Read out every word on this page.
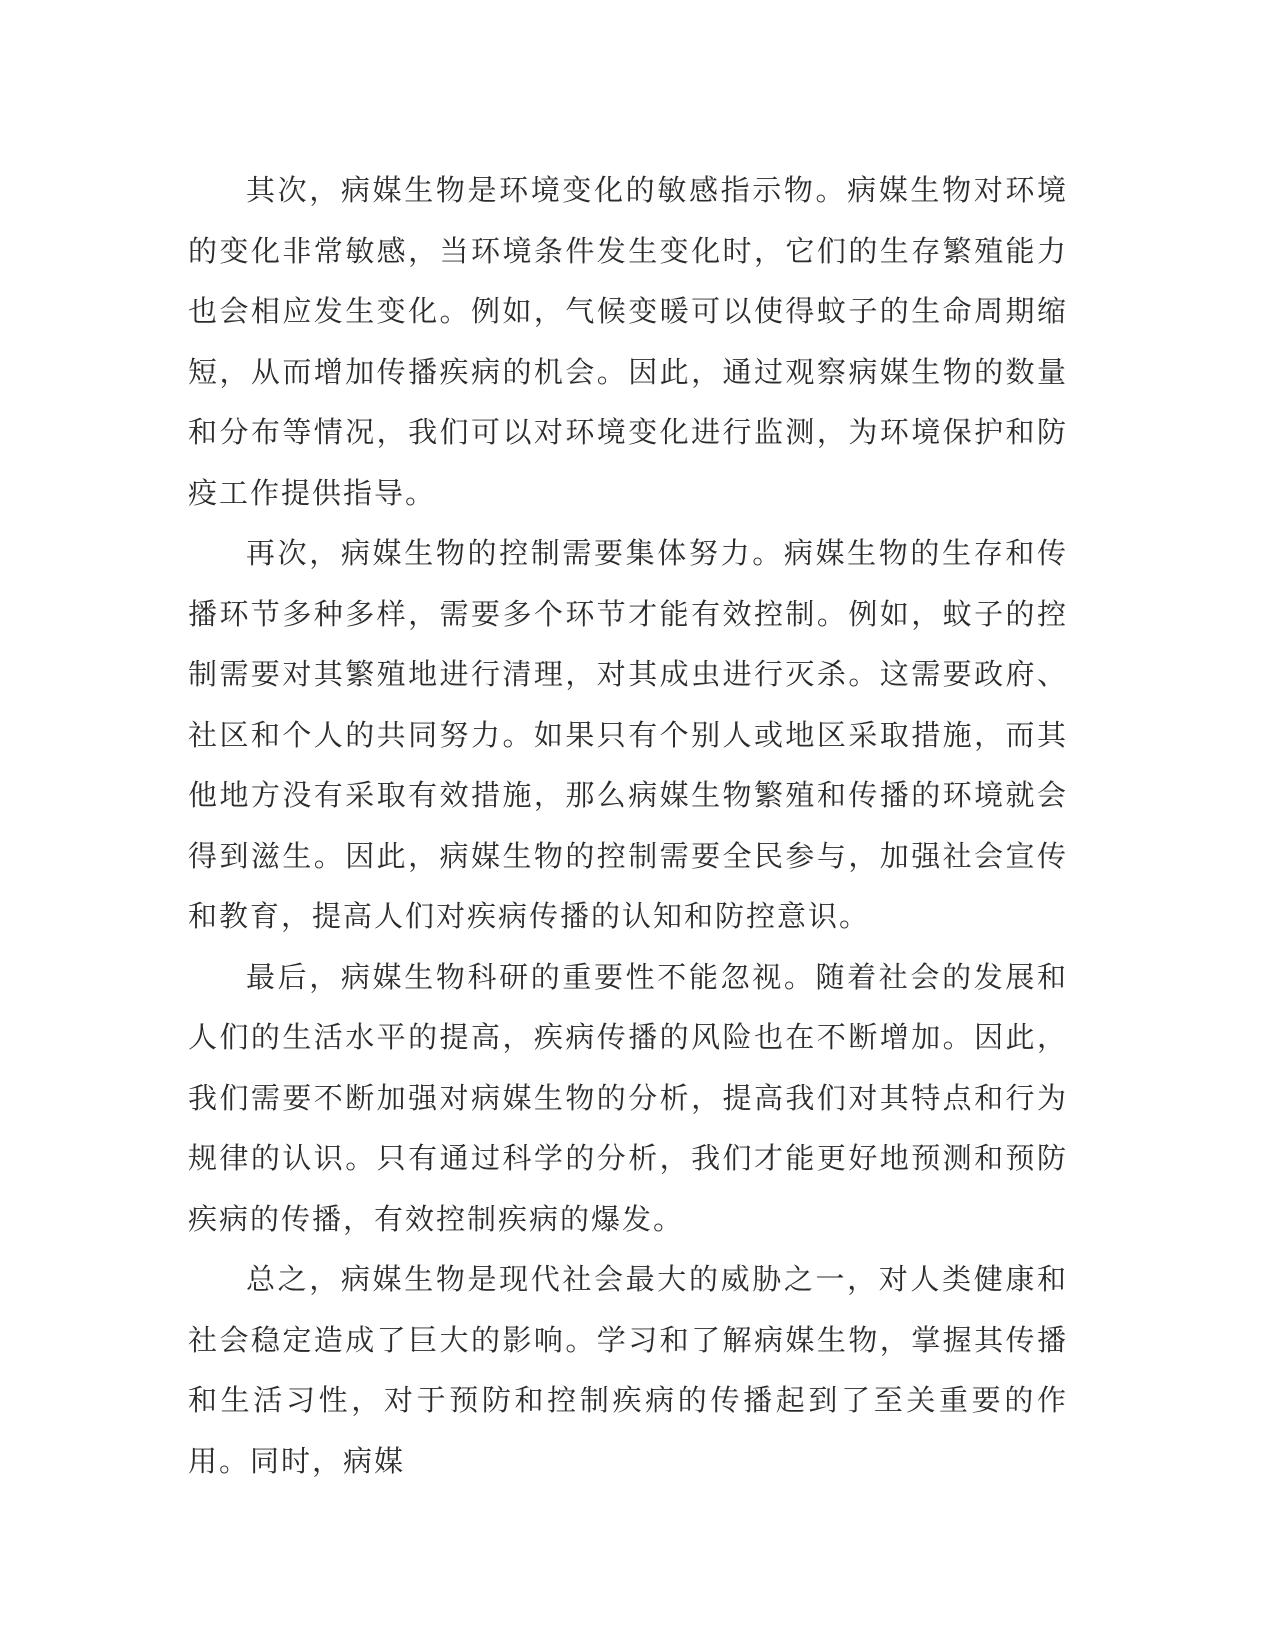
其次，病媒生物是环境变化的敏感指示物。病媒生物对环境的变化非常敏感，当环境条件发生变化时，它们的生存繁殖能力也会相应发生变化。例如，气候变暖可以使得蚊子的生命周期缩短，从而增加传播疾病的机会。因此，通过观察病媒生物的数量和分布等情况，我们可以对环境变化进行监测，为环境保护和防疫工作提供指导。

再次，病媒生物的控制需要集体努力。病媒生物的生存和传播环节多种多样，需要多个环节才能有效控制。例如，蚊子的控制需要对其繁殖地进行清理，对其成虫进行灭杀。这需要政府、社区和个人的共同努力。如果只有个别人或地区采取措施，而其他地方没有采取有效措施，那么病媒生物繁殖和传播的环境就会得到滋生。因此，病媒生物的控制需要全民参与，加强社会宣传和教育，提高人们对疾病传播的认知和防控意识。

最后，病媒生物科研的重要性不能忽视。随着社会的发展和人们的生活水平的提高，疾病传播的风险也在不断增加。因此，我们需要不断加强对病媒生物的分析，提高我们对其特点和行为规律的认识。只有通过科学的分析，我们才能更好地预测和预防疾病的传播，有效控制疾病的爆发。

总之，病媒生物是现代社会最大的威胁之一，对人类健康和社会稳定造成了巨大的影响。学习和了解病媒生物，掌握其传播和生活习性，对于预防和控制疾病的传播起到了至关重要的作用。同时，病媒
